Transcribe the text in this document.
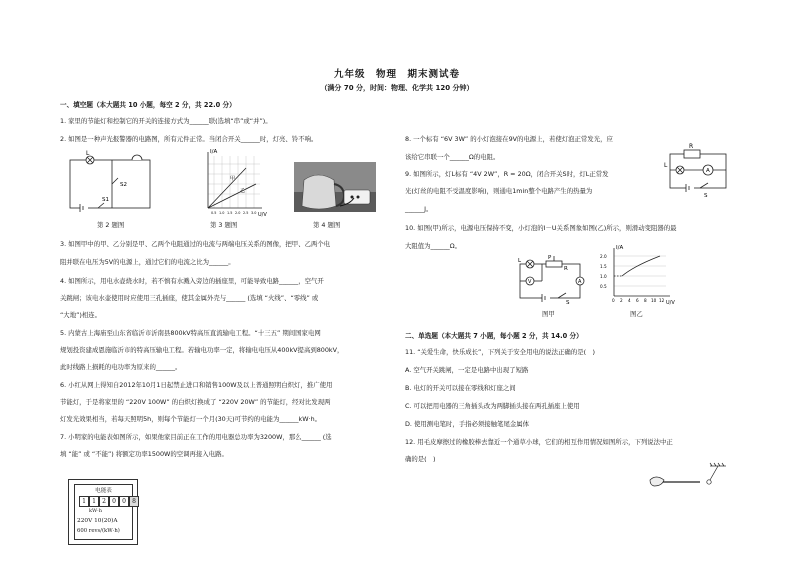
九年级　物理　期末测试卷
（满分 70 分，时间：物理、化学共 120 分钟）
一、填空题（本大题共 10 小题，每空 2 分，共 22.0 分）
1. 家里的节能灯和控制它的开关的连接方式为______联(选填“串”或“并”)。
2. 如图是一种声光报警器的电路图，所有元件正常。当闭合开关______时，灯亮、铃不响。
L
S2
S1
I/A
U/V
甲
乙
0.5 1.0 1.5 2.0 2.5 3.0
第 2 题图	第 3 题图	第 4 题图
3. 如图甲中的甲、乙分别是甲、乙两个电阻通过的电流与两端电压关系的图像，把甲、乙两个电
阻并联在电压为5V的电源上，通过它们的电流之比为______。
4. 如图所示，用电水壶烧水时，若不慎有水溅入旁边的插座里，可能导致电路______，空气开
关跳闸；该电水壶使用时应使用三孔插座，使其金属外壳与______ (选填 “火线”、“零线” 或
“大地”)相连。
5. 内蒙古上海庙至山东省临沂市沂南县800kV特高压直流输电工程。“十三五” 期间国家电网
规划投资建成恩施临沂市的特高压输电工程。若输电功率一定，将输电电压从400kV提高到800kV，
此时线路上损耗的电功率为原来的______。
6. 小红从网上得知自2012年10月1日起禁止进口和销售100W及以上普通照明白炽灯，推广使用
节能灯，于是将家里的 “220V 100W” 的白炽灯换成了 “220V 20W” 的节能灯，经对比发现两
灯发光效果相当，若每天照明5h，则每个节能灯一个月(30天)可节约的电能为______kW·h。
7. 小明家的电能表如图所示，如果他家目前正在工作的用电器总功率为3200W，那么______ (选
填 “能” 或 “不能”) 将额定功率1500W的空调再接入电路。
电能表
1	1	2	0	0	8
kW·h
220V 10(20)A
600 revs/(kW·h)
8. 一个标有 “6V 3W” 的小灯泡接在9V的电源上，若使灯泡正常发光，应
该给它串联一个______Ω的电阻。
9. 如图所示，灯L标有 “4V 2W”，R = 20Ω，闭合开关S时，灯L正常发
光(灯丝的电阻不受温度影响)，则通电1min整个电路产生的热量为
______J。
R
L
A
S
10. 如图(甲)所示，电源电压保持不变，小灯泡的I－U关系图象如图(乙)所示，则滑动变阻器的最
大阻值为______Ω。
L	P
R
V	A
S
I/A
U/V
2.0
1.5
1.0
0.5
0 2 4 6 8 10 12
图甲	图乙
二、单选题（本大题共 7 小题，每小题 2 分，共 14.0 分）
11. “关爱生命，快乐成长”，下列关于安全用电的说法正确的是(　)
A. 空气开关跳闸，一定是电路中出现了短路
B. 电灯的开关可以接在零线和灯座之间
C. 可以把用电器的三角插头改为两脚插头接在两孔插座上使用
D. 使用测电笔时，手指必须接触笔尾金属体
12. 用毛皮摩擦过的橡胶棒去靠近一个通草小球，它们的相互作用情况如图所示，下列说法中正
确的是(　)
